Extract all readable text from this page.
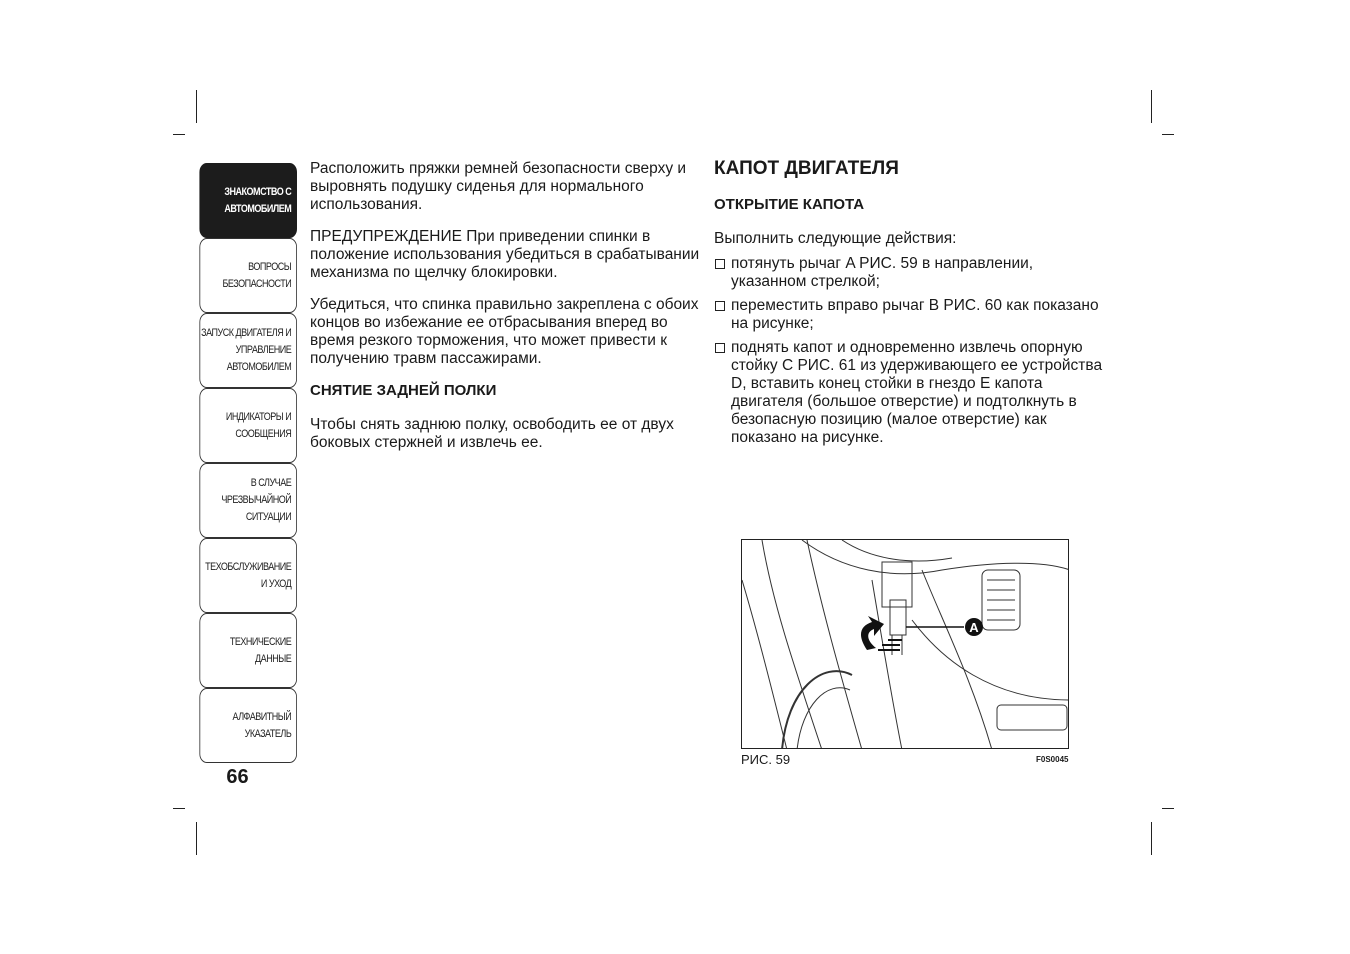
ЗНАКОМСТВО С
АВТОМОБИЛЕМ
ВОПРОСЫ
БЕЗОПАСНОСТИ
ЗАПУСК ДВИГАТЕЛЯ И
УПРАВЛЕНИЕ
АВТОМОБИЛЕМ
ИНДИКАТОРЫ И
СООБЩЕНИЯ
В СЛУЧАЕ
ЧРЕЗВЫЧАЙНОЙ
СИТУАЦИИ
ТЕХОБСЛУЖИВАНИЕ
И УХОД
ТЕХНИЧЕСКИЕ
ДАННЫЕ
АЛФАВИТНЫЙ
УКАЗАТЕЛЬ
66

Расположить пряжки ремней безопасности сверху и выровнять подушку сиденья для нормального использования.

ПРЕДУПРЕЖДЕНИЕ При приведении спинки в положение использования убедиться в срабатывании механизма по щелчку блокировки.

Убедиться, что спинка правильно закреплена с обоих концов во избежание ее отбрасывания вперед во время резкого торможения, что может привести к получению травм пассажирами.

СНЯТИЕ ЗАДНЕЙ ПОЛКИ

Чтобы снять заднюю полку, освободить ее от двух боковых стержней и извлечь ее.

КАПОТ ДВИГАТЕЛЯ
ОТКРЫТИЕ КАПОТА

Выполнить следующие действия:

потянуть рычаг A РИС. 59 в направлении, указанном стрелкой;
переместить вправо рычаг B РИС. 60 как показано на рисунке;
поднять капот и одновременно извлечь опорную стойку C РИС. 61 из удерживающего ее устройства D, вставить конец стойки в гнездо E капота двигателя (большое отверстие) и подтолкнуть в безопасную позицию (малое отверстие) как показано на рисунке.
A
РИС. 59	F0S0045
